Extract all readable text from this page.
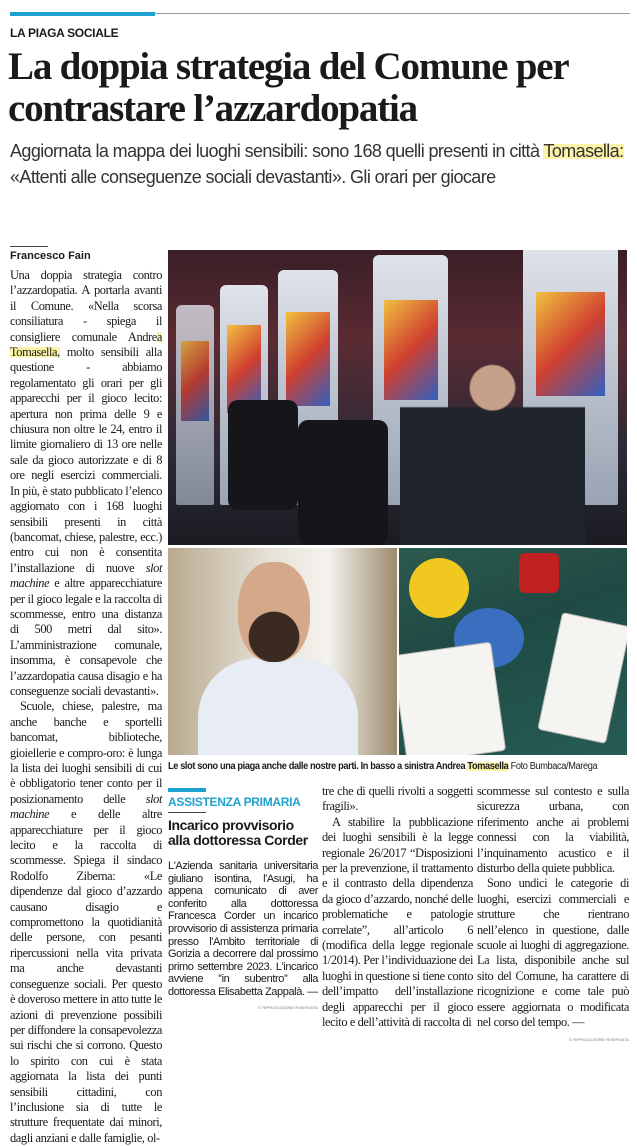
LA PIAGA SOCIALE
La doppia strategia del Comune per contrastare l’azzardopatia
Aggiornata la mappa dei luoghi sensibili: sono 168 quelli presenti in città Tomasella: «Attenti alle conseguenze sociali devastanti». Gli orari per giocare
Francesco Fain

Una doppia strategia contro l’azzardopatia. A portarla avanti il Comune. «Nella scorsa consiliatura - spiega il consigliere comunale Andrea Tomasella, molto sensibili alla questione - abbiamo regolamentato gli orari per gli apparecchi per il gioco lecito: apertura non prima delle 9 e chiusura non oltre le 24, entro il limite giornaliero di 13 ore nelle sale da gioco autorizzate e di 8 ore negli esercizi commerciali. In più, è stato pubblicato l’elenco aggiornato con i 168 luoghi sensibili presenti in città (bancomat, chiese, palestre, ecc.) entro cui non è consentita l’installazione di nuove slot machine e altre apparecchiature per il gioco legale e la raccolta di scommesse, entro una distanza di 500 metri dal sito». L’amministrazione comunale, insomma, è consapevole che l’azzardopatia causa disagio e ha conseguenze sociali devastanti».

Scuole, chiese, palestre, ma anche banche e sportelli bancomat, biblioteche, gioiellerie e compro-oro: è lunga la lista dei luoghi sensibili di cui è obbligatorio tener conto per il posizionamento delle slot machine e delle altre apparecchiature per il gioco lecito e la raccolta di scommesse. Spiega il sindaco Rodolfo Ziberna: «Le dipendenze dal gioco d’azzardo causano disagio e compromettono la quotidianità delle persone, con pesanti ripercussioni nella vita privata ma anche devastanti conseguenze sociali. Per questo è doveroso mettere in atto tutte le azioni di prevenzione possibili per diffondere la consapevolezza sui rischi che si corrono. Questo lo spirito con cui è stata aggiornata la lista dei punti sensibili cittadini, con l’inclusione sia di tutte le strutture frequentate dai minori, dagli anziani e dalle famiglie, ol-

tre che di quelli rivolti a soggetti fragili».

A stabilire la pubblicazione dei luoghi sensibili è la legge regionale 26/2017 “Disposizioni per la prevenzione, il trattamento e il contrasto della dipendenza da gioco d’azzardo, nonché delle problematiche e patologie correlate”, all’articolo 6 (modifica della legge regionale 1/2014). Per l’individuazione dei luoghi in questione si tiene conto dell’impatto dell’installazione degli apparecchi per il gioco lecito e dell’attività di raccolta di

scommesse sul contesto e sulla sicurezza urbana, con riferimento anche ai problemi connessi con la viabilità, l’inquinamento acustico e il disturbo della quiete pubblica.

Sono undici le categorie di luoghi, esercizi commerciali e strutture che rientrano nell’elenco in questione, dalle scuole ai luoghi di aggregazione. La lista, disponibile anche sul sito del Comune, ha carattere di ricognizione e come tale può essere aggiornata o modificata nel corso del tempo. —

© RIPRODUZIONE RISERVATA
Le slot sono una piaga anche dalle nostre parti. In basso a sinistra Andrea Tomasella Foto Bumbaca/Marega
ASSISTENZA PRIMARIA
Incarico provvisorio alla dottoressa Corder
L'Azienda sanitaria universitaria giuliano isontina, l'Asugi, ha appena comunicato di aver conferito alla dottoressa Francesca Corder un incarico provvisorio di assistenza primaria presso l'Ambito territoriale di Gorizia a decorrere dal prossimo primo settembre 2023. L'incarico avviene ''in subentro'' alla dottoressa Elisabetta Zappalà. —
© RIPRODUZIONE RISERVATA
